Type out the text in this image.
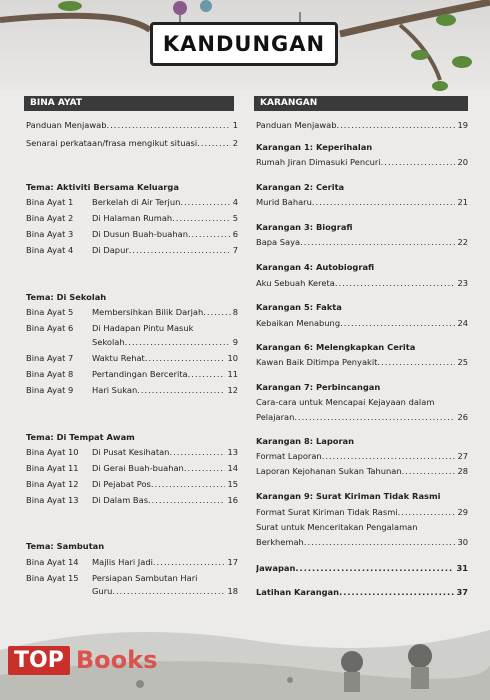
KANDUNGAN
BINA AYAT
Panduan Menjawab .....	1
Senarai perkataan/frasa mengikut situasi .....	2
Tema: Aktiviti Bersama Keluarga
Bina Ayat 1	Berkelah di Air Terjun .....	4
Bina Ayat 2	Di Halaman Rumah .....	5
Bina Ayat 3	Di Dusun Buah-buahan .....	6
Bina Ayat 4	Di Dapur .....	7
Tema: Di Sekolah
Bina Ayat 5	Membersihkan Bilik Darjah .....	8
Bina Ayat 6	Di Hadapan Pintu Masuk
Sekolah .....	9
Bina Ayat 7	Waktu Rehat .....	10
Bina Ayat 8	Pertandingan Bercerita .....	11
Bina Ayat 9	Hari Sukan .....	12
Tema: Di Tempat Awam
Bina Ayat 10	Di Pusat Kesihatan .....	13
Bina Ayat 11	Di Gerai Buah-buahan .....	14
Bina Ayat 12	Di Pejabat Pos .....	15
Bina Ayat 13	Di Dalam Bas .....	16
Tema: Sambutan
Bina Ayat 14	Majlis Hari Jadi .....	17
Bina Ayat 15	Persiapan Sambutan Hari
Guru .....	18
KARANGAN
Panduan Menjawab .....	19
Karangan 1: Keperihalan
Rumah Jiran Dimasuki Pencuri .....	20
Karangan 2: Cerita
Murid Baharu .....	21
Karangan 3: Biografi
Bapa Saya .....	22
Karangan 4: Autobiografi
Aku Sebuah Kereta .....	23
Karangan 5: Fakta
Kebaikan Menabung .....	24
Karangan 6: Melengkapkan Cerita
Kawan Baik Ditimpa Penyakit .....	25
Karangan 7: Perbincangan
Cara-cara untuk Mencapai Kejayaan dalam
Pelajaran .....	26
Karangan 8: Laporan
Format Laporan .....	27
Laporan Kejohanan Sukan Tahunan .....	28
Karangan 9: Surat Kiriman Tidak Rasmi
Format Surat Kiriman Tidak Rasmi .....	29
Surat untuk Menceritakan Pengalaman
Berkhemah .....	30
Jawapan .....	31
Latihan Karangan .....	37
TOP Books
